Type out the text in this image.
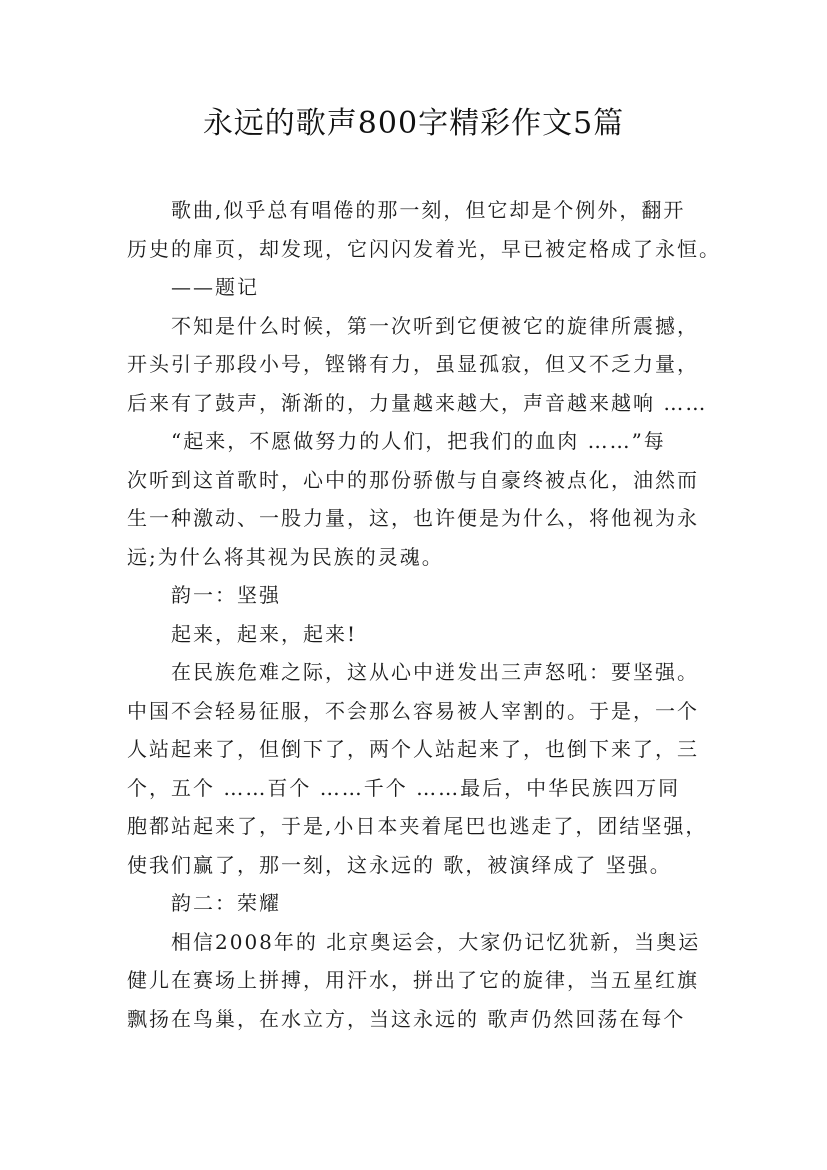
永远的歌声800字精彩作文5篇
歌曲,似乎总有唱倦的那一刻，但它却是个例外，翻开
历史的扉页，却发现，它闪闪发着光，早已被定格成了永恒。
——题记
不知是什么时候，第一次听到它便被它的旋律所震撼，
开头引子那段小号，铿锵有力，虽显孤寂，但又不乏力量，
后来有了鼓声，渐渐的，力量越来越大，声音越来越响 ……
“起来，不愿做努力的人们，把我们的血肉 ……”每
次听到这首歌时，心中的那份骄傲与自豪终被点化，油然而
生一种激动、一股力量，这，也许便是为什么，将他视为永
远;为什么将其视为民族的灵魂。
韵一：坚强
起来，起来，起来!
在民族危难之际，这从心中迸发出三声怒吼：要坚强。
中国不会轻易征服，不会那么容易被人宰割的。于是，一个
人站起来了，但倒下了，两个人站起来了，也倒下来了，三
个，五个 ……百个 ……千个 ……最后，中华民族四万同
胞都站起来了，于是,小日本夹着尾巴也逃走了，团结坚强，
使我们赢了，那一刻，这永远的 歌，被演绎成了 坚强。
韵二：荣耀
相信2008年的 北京奥运会，大家仍记忆犹新，当奥运
健儿在赛场上拼搏，用汗水，拼出了它的旋律，当五星红旗
飘扬在鸟巢，在水立方，当这永远的 歌声仍然回荡在每个
